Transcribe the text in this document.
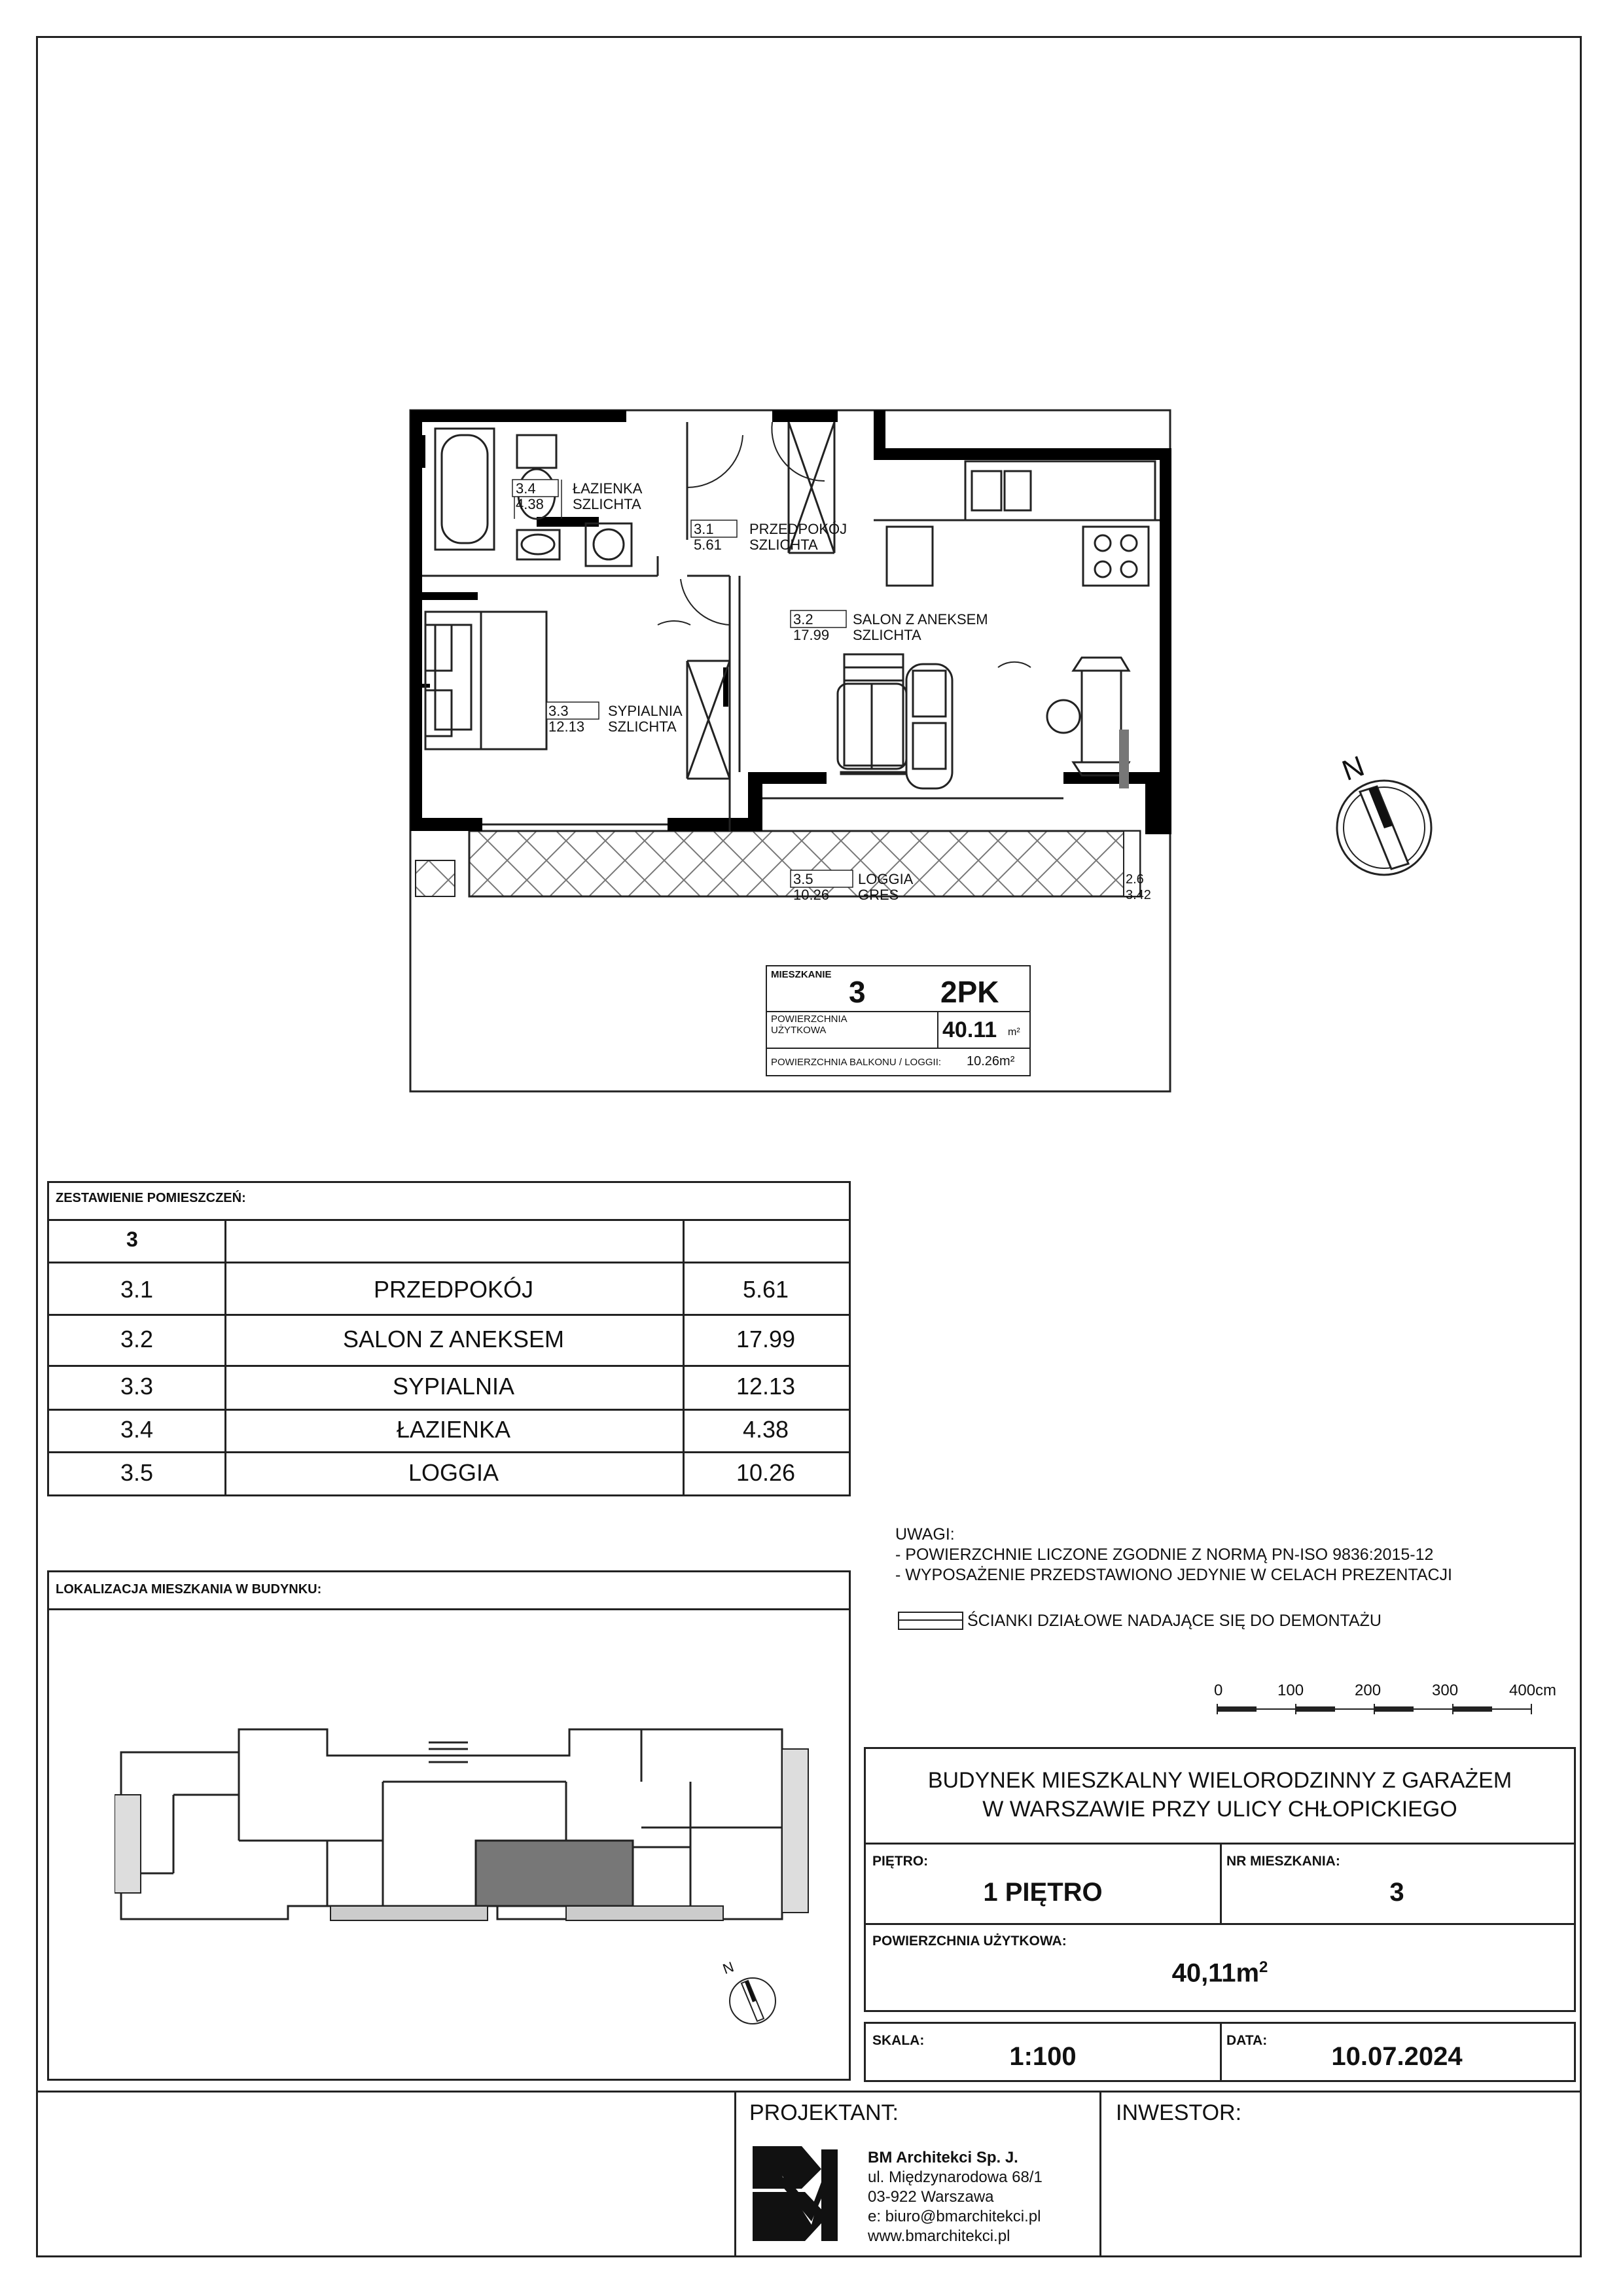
3.4
4.38
ŁAZIENKA
SZLICHTA
3.1
5.61
PRZEDPOKÓJ
SZLICHTA
3.2
17.99
SALON Z ANEKSEM
SZLICHTA
3.3
12.13
SYPIALNIA
SZLICHTA
3.5
10.26
LOGGIA
GRES
2.6
3.42
MIESZKANIE
3 2PK
POWIERZCHNIA
UŻYTKOWA	40.11 m²
POWIERZCHNIA BALKONU / LOGGII: 10.26m²
N
ZESTAWIENIE POMIESZCZEŃ:
3
3.1	PRZEDPOKÓJ	5.61
3.2	SALON Z ANEKSEM	17.99
3.3	SYPIALNIA	12.13
3.4	ŁAZIENKA	4.38
3.5	LOGGIA	10.26
LOKALIZACJA MIESZKANIA W BUDYNKU:
N
UWAGI:
- POWIERZCHNIE LICZONE ZGODNIE Z NORMĄ PN-ISO 9836:2015-12
- WYPOSAŻENIE PRZEDSTAWIONO JEDYNIE W CELACH PREZENTACJI
ŚCIANKI DZIAŁOWE NADAJĄCE SIĘ DO DEMONTAŻU
0	100	200	300	400cm
BUDYNEK MIESZKALNY WIELORODZINNY Z GARAŻEM
W WARSZAWIE PRZY ULICY CHŁOPICKIEGO
PIĘTRO:
1 PIĘTRO
NR MIESZKANIA:
3
POWIERZCHNIA UŻYTKOWA:
$40,11m^2$
SKALA:
1:100
DATA:
10.07.2024
PROJEKTANT:	INWESTOR:
BM Architekci Sp. J.
ul. Międzynarodowa 68/1
03-922 Warszawa
e: biuro@bmarchitekci.pl
www.bmarchitekci.pl
